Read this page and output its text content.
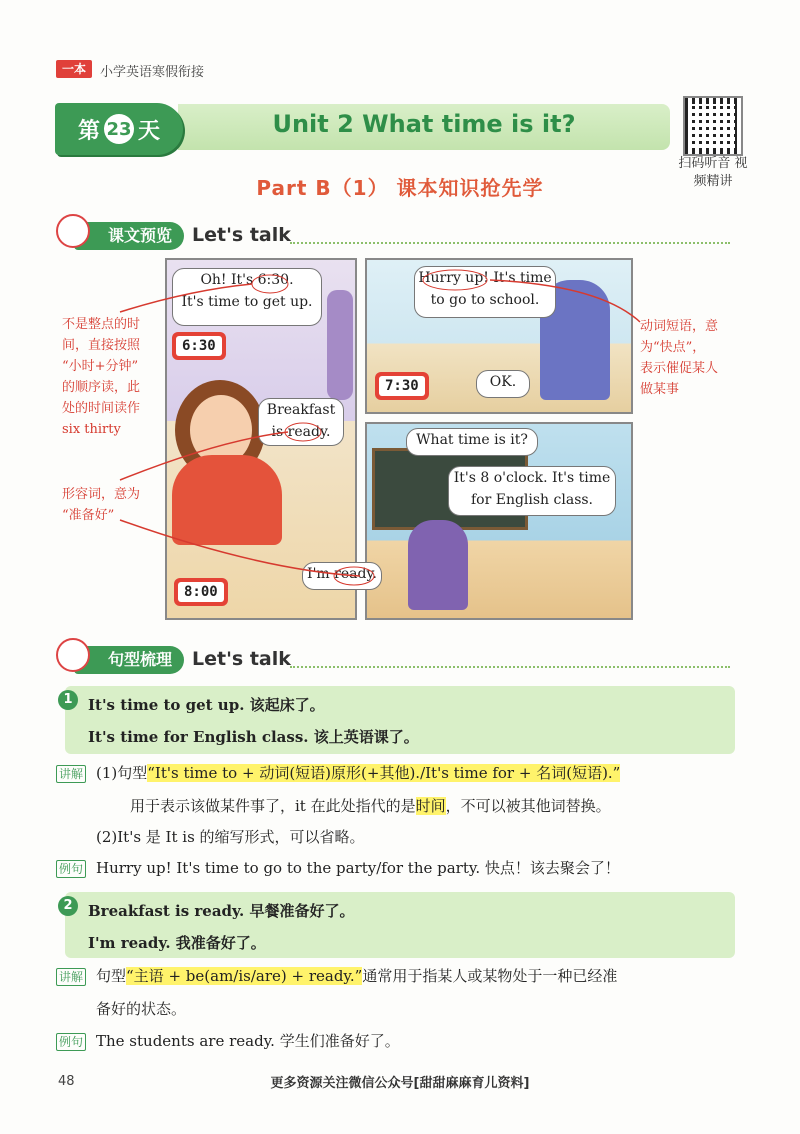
一本	小学英语寒假衔接
第 23 天	Unit 2 What time is it?
扫码听音 视频精讲
Part B（1） 课本知识抢先学
课文预览	Let's talk
Oh! It's 6:30.
It's time to get up.
6:30
Breakfast
is ready.
Hurry up! It's time
to go to school.
7:30	OK.
What time is it?
It's 8 o'clock. It's time
for English class.
I'm ready.
8:00
不是整点的时
间，直接按照
“小时+分钟”
的顺序读，此
处的时间读作
six thirty
形容词，意为
“准备好”
动词短语，意
为“快点”，
表示催促某人
做某事
句型梳理	Let's talk
1	It's time to get up. 该起床了。
It's time for English class. 该上英语课了。
讲解 (1)句型“It's time to + 动词(短语)原形(+其他)./It's time for + 名词(短语).”
用于表示该做某件事了，it 在此处指代的是时间，不可以被其他词替换。
(2)It's 是 It is 的缩写形式，可以省略。
例句 Hurry up! It's time to go to the party/for the party. 快点！该去聚会了！
2	Breakfast is ready. 早餐准备好了。
I'm ready. 我准备好了。
讲解 句型“主语 + be(am/is/are) + ready.”通常用于指某人或某物处于一种已经准
备好的状态。
例句 The students are ready. 学生们准备好了。
更多资源关注微信公众号[甜甜麻麻育儿资料]
48
